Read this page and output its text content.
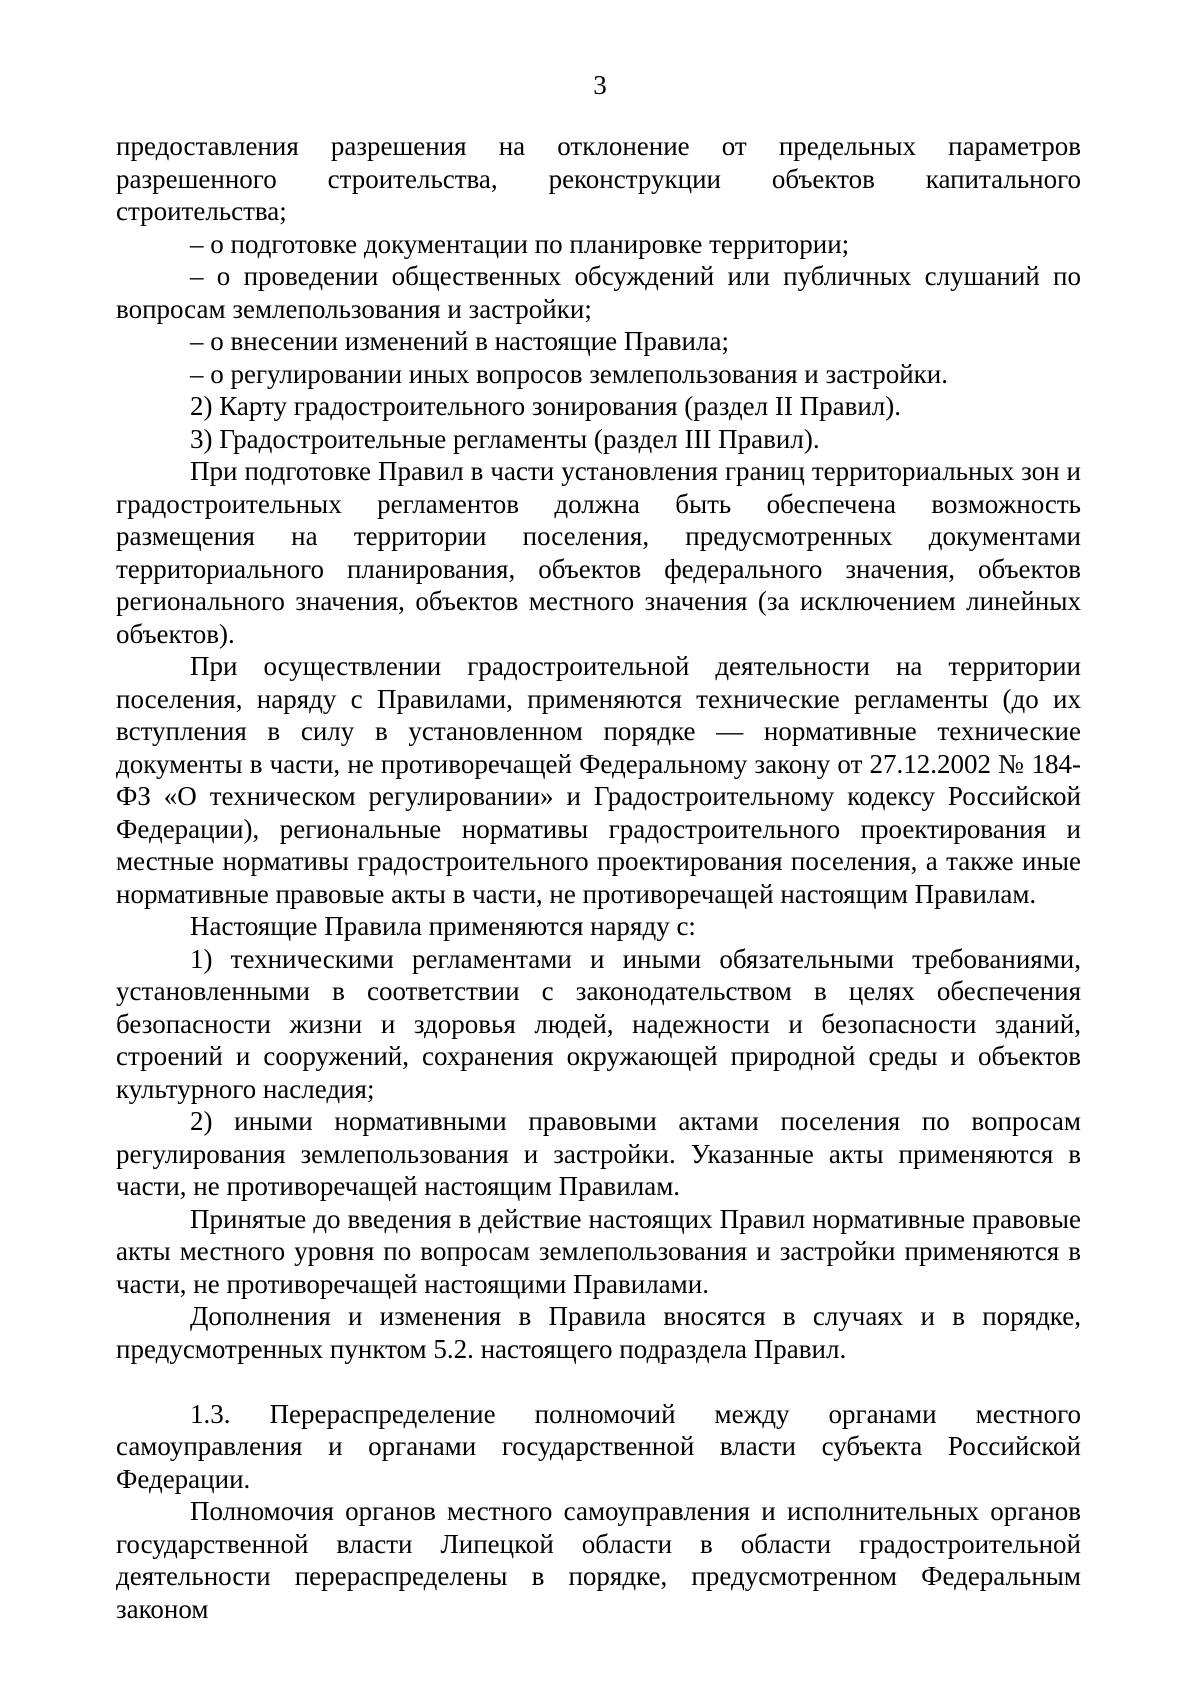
3

предоставления разрешения на отклонение от предельных параметров разрешенного строительства, реконструкции объектов капитального строительства;

– о подготовке документации по планировке территории;

– о проведении общественных обсуждений или публичных слушаний по вопросам землепользования и застройки;

– о внесении изменений в настоящие Правила;

– о регулировании иных вопросов землепользования и застройки.

2) Карту градостроительного зонирования (раздел II Правил).

3) Градостроительные регламенты (раздел III Правил).

При подготовке Правил в части установления границ территориальных зон и градостроительных регламентов должна быть обеспечена возможность размещения на территории поселения, предусмотренных документами территориального планирования, объектов федерального значения, объектов регионального значения, объектов местного значения (за исключением линейных объектов).

При осуществлении градостроительной деятельности на территории поселения, наряду с Правилами, применяются технические регламенты (до их вступления в силу в установленном порядке — нормативные технические документы в части, не противоречащей Федеральному закону от 27.12.2002 № 184-ФЗ «О техническом регулировании» и Градостроительному кодексу Российской Федерации), региональные нормативы градостроительного проектирования и местные нормативы градостроительного проектирования поселения, а также иные нормативные правовые акты в части, не противоречащей настоящим Правилам.

Настоящие Правила применяются наряду с:

1) техническими регламентами и иными обязательными требованиями, установленными в соответствии с законодательством в целях обеспечения безопасности жизни и здоровья людей, надежности и безопасности зданий, строений и сооружений, сохранения окружающей природной среды и объектов культурного наследия;

2) иными нормативными правовыми актами поселения по вопросам регулирования землепользования и застройки. Указанные акты применяются в части, не противоречащей настоящим Правилам.

Принятые до введения в действие настоящих Правил нормативные правовые акты местного уровня по вопросам землепользования и застройки применяются в части, не противоречащей настоящими Правилами.

Дополнения и изменения в Правила вносятся в случаях и в порядке, предусмотренных пунктом 5.2. настоящего подраздела Правил.

1.3. Перераспределение полномочий между органами местного самоуправления и органами государственной власти субъекта Российской Федерации.

Полномочия органов местного самоуправления и исполнительных органов государственной власти Липецкой области в области градостроительной деятельности перераспределены в порядке, предусмотренном Федеральным законом
